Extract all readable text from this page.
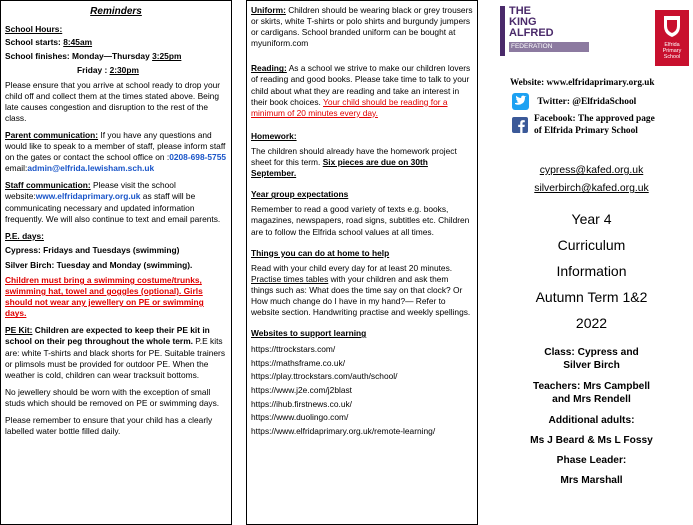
Reminders

School Hours:

School starts: 8:45am

School finishes: Monday—Thursday 3:25pm

Friday : 2:30pm

Please ensure that you arrive at school ready to drop your child off and collect them at the times stated above. Being late causes congestion and disruption to the rest of the class.

Parent communication: If you have any questions and would like to speak to a member of staff, please inform staff on the gates or contact the school office on :0208-698-5755 email:admin@elfrida.lewisham.sch.uk

Staff communication: Please visit the school website:www.elfridaprimary.org.uk as staff will be communicating necessary and updated information frequently. We will also continue to text and email parents.

P.E. days:

Cypress: Fridays and Tuesdays (swimming)

Silver Birch: Tuesday and Monday (swimming).

Children must bring a swimming costume/trunks, swimming hat, towel and goggles (optional). Girls should not wear any jewellery on PE or swimming days.

PE Kit: Children are expected to keep their PE kit in school on their peg throughout the whole term. P.E kits are: white T-shirts and black shorts for PE. Suitable trainers or plimsols must be provided for outdoor PE. When the weather is cold, children can wear tracksuit bottoms.

No jewellery should be worn with the exception of small studs which should be removed on PE or swimming days.

Please remember to ensure that your child has a clearly labelled water bottle filled daily.

Uniform: Children should be wearing black or grey trousers or skirts, white T-shirts or polo shirts and burgundy jumpers or cardigans. School branded uniform can be bought at myuniform.com

Reading: As a school we strive to make our children lovers of reading and good books. Please take time to talk to your child about what they are reading and take an interest in their book choices. Your child should be reading for a minimum of 20 minutes every day.

Homework:

The children should already have the homework project sheet for this term. Six pieces are due on 30th September.

Year group expectations

Remember to read a good variety of texts e.g. books, magazines, newspapers, road signs, subtitles etc. Children are to follow the Elfrida school values at all times.

Things you can do at home to help

Read with your child every day for at least 20 minutes. Practise times tables with your children and ask them things such as: What does the time say on that clock? Or How much change do I have in my hand?— Refer to website section. Handwriting practise and weekly spellings.

Websites to support learning

https://ttrockstars.com/
https://mathsframe.co.uk/
https://play.ttrockstars.com/auth/school/
https://www.j2e.com/j2blast
https://ihub.firstnews.co.uk/
https://www.duolingo.com/
https://www.elfridaprimary.org.uk/remote-learning/
THE
KING
ALFRED
FEDERATION	Elfrida
Primary
School
Website: www.elfridaprimary.org.uk
Twitter: @ElfridaSchool
Facebook: The approved page
of Elfrida Primary School
cypress@kafed.org.uk
silverbirch@kafed.org.uk
Year 4
Curriculum
Information
Autumn Term 1&2
2022
Class: Cypress and
Silver Birch
Teachers: Mrs Campbell
and Mrs Rendell
Additional adults:
Ms J Beard & Ms L Fossy
Phase Leader:
Mrs Marshall
